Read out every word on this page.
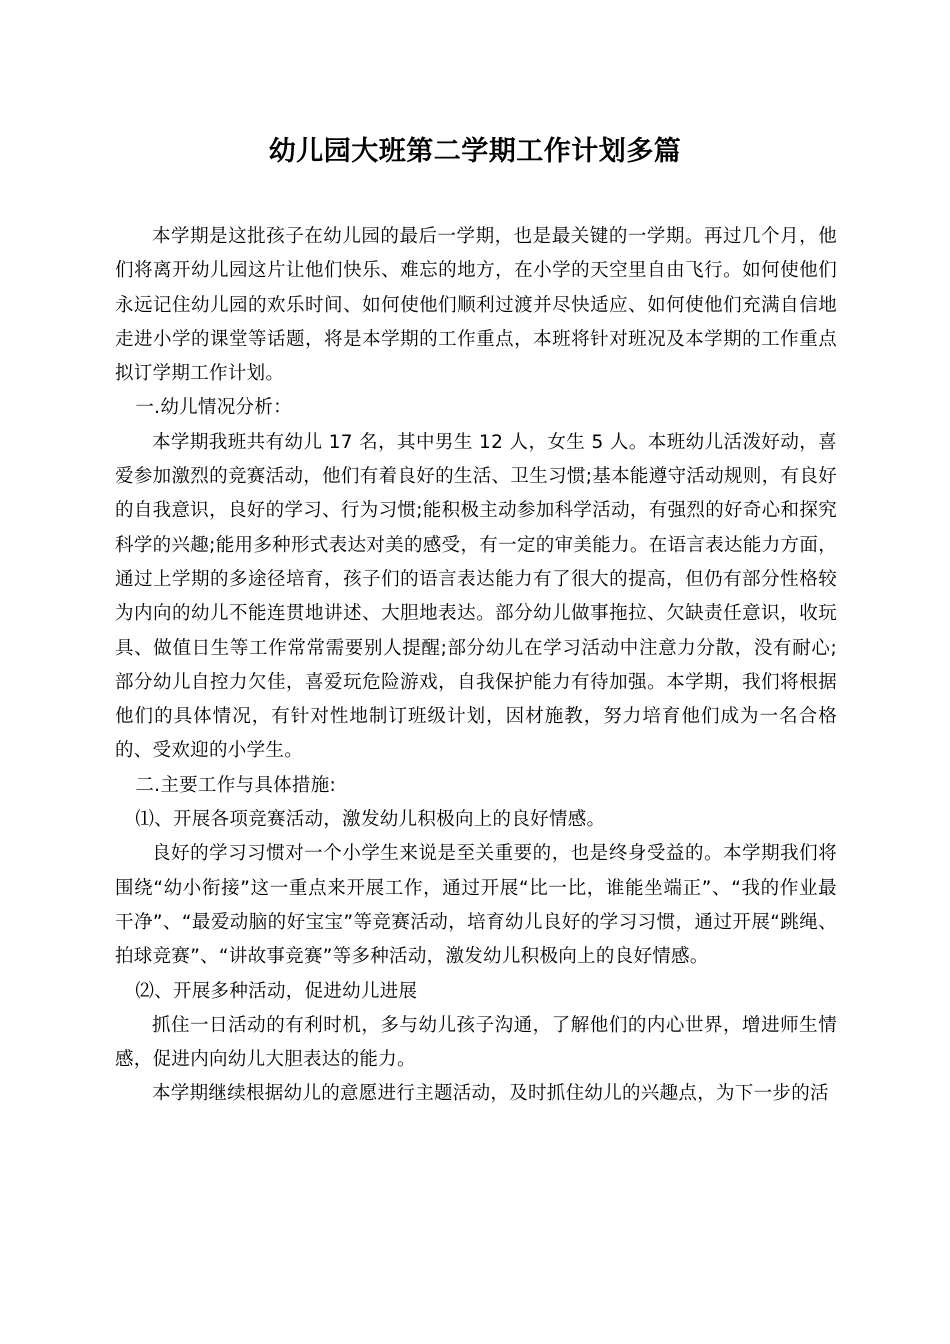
幼儿园大班第二学期工作计划多篇

本学期是这批孩子在幼儿园的最后一学期，也是最关键的一学期。再过几个月，他们将离开幼儿园这片让他们快乐、难忘的地方，在小学的天空里自由飞行。如何使他们永远记住幼儿园的欢乐时间、如何使他们顺利过渡并尽快适应、如何使他们充满自信地走进小学的课堂等话题，将是本学期的工作重点，本班将针对班况及本学期的工作重点拟订学期工作计划。

一.幼儿情况分析：

本学期我班共有幼儿 17 名，其中男生 12 人，女生 5 人。本班幼儿活泼好动，喜爱参加激烈的竞赛活动，他们有着良好的生活、卫生习惯;基本能遵守活动规则，有良好的自我意识，良好的学习、行为习惯;能积极主动参加科学活动，有强烈的好奇心和探究科学的兴趣;能用多种形式表达对美的感受，有一定的审美能力。在语言表达能力方面，通过上学期的多途径培育，孩子们的语言表达能力有了很大的提高，但仍有部分性格较为内向的幼儿不能连贯地讲述、大胆地表达。部分幼儿做事拖拉、欠缺责任意识，收玩具、做值日生等工作常常需要别人提醒;部分幼儿在学习活动中注意力分散，没有耐心;部分幼儿自控力欠佳，喜爱玩危险游戏，自我保护能力有待加强。本学期，我们将根据他们的具体情况，有针对性地制订班级计划，因材施教，努力培育他们成为一名合格的、受欢迎的小学生。

二.主要工作与具体措施:

⑴、开展各项竞赛活动，激发幼儿积极向上的良好情感。

良好的学习习惯对一个小学生来说是至关重要的，也是终身受益的。本学期我们将围绕“幼小衔接”这一重点来开展工作，通过开展“比一比，谁能坐端正”、“我的作业最干净”、“最爱动脑的好宝宝”等竞赛活动，培育幼儿良好的学习习惯，通过开展“跳绳、拍球竞赛”、“讲故事竞赛”等多种活动，激发幼儿积极向上的良好情感。

⑵、开展多种活动，促进幼儿进展

抓住一日活动的有利时机，多与幼儿孩子沟通，了解他们的内心世界，增进师生情感，促进内向幼儿大胆表达的能力。

本学期继续根据幼儿的意愿进行主题活动，及时抓住幼儿的兴趣点，为下一步的活
